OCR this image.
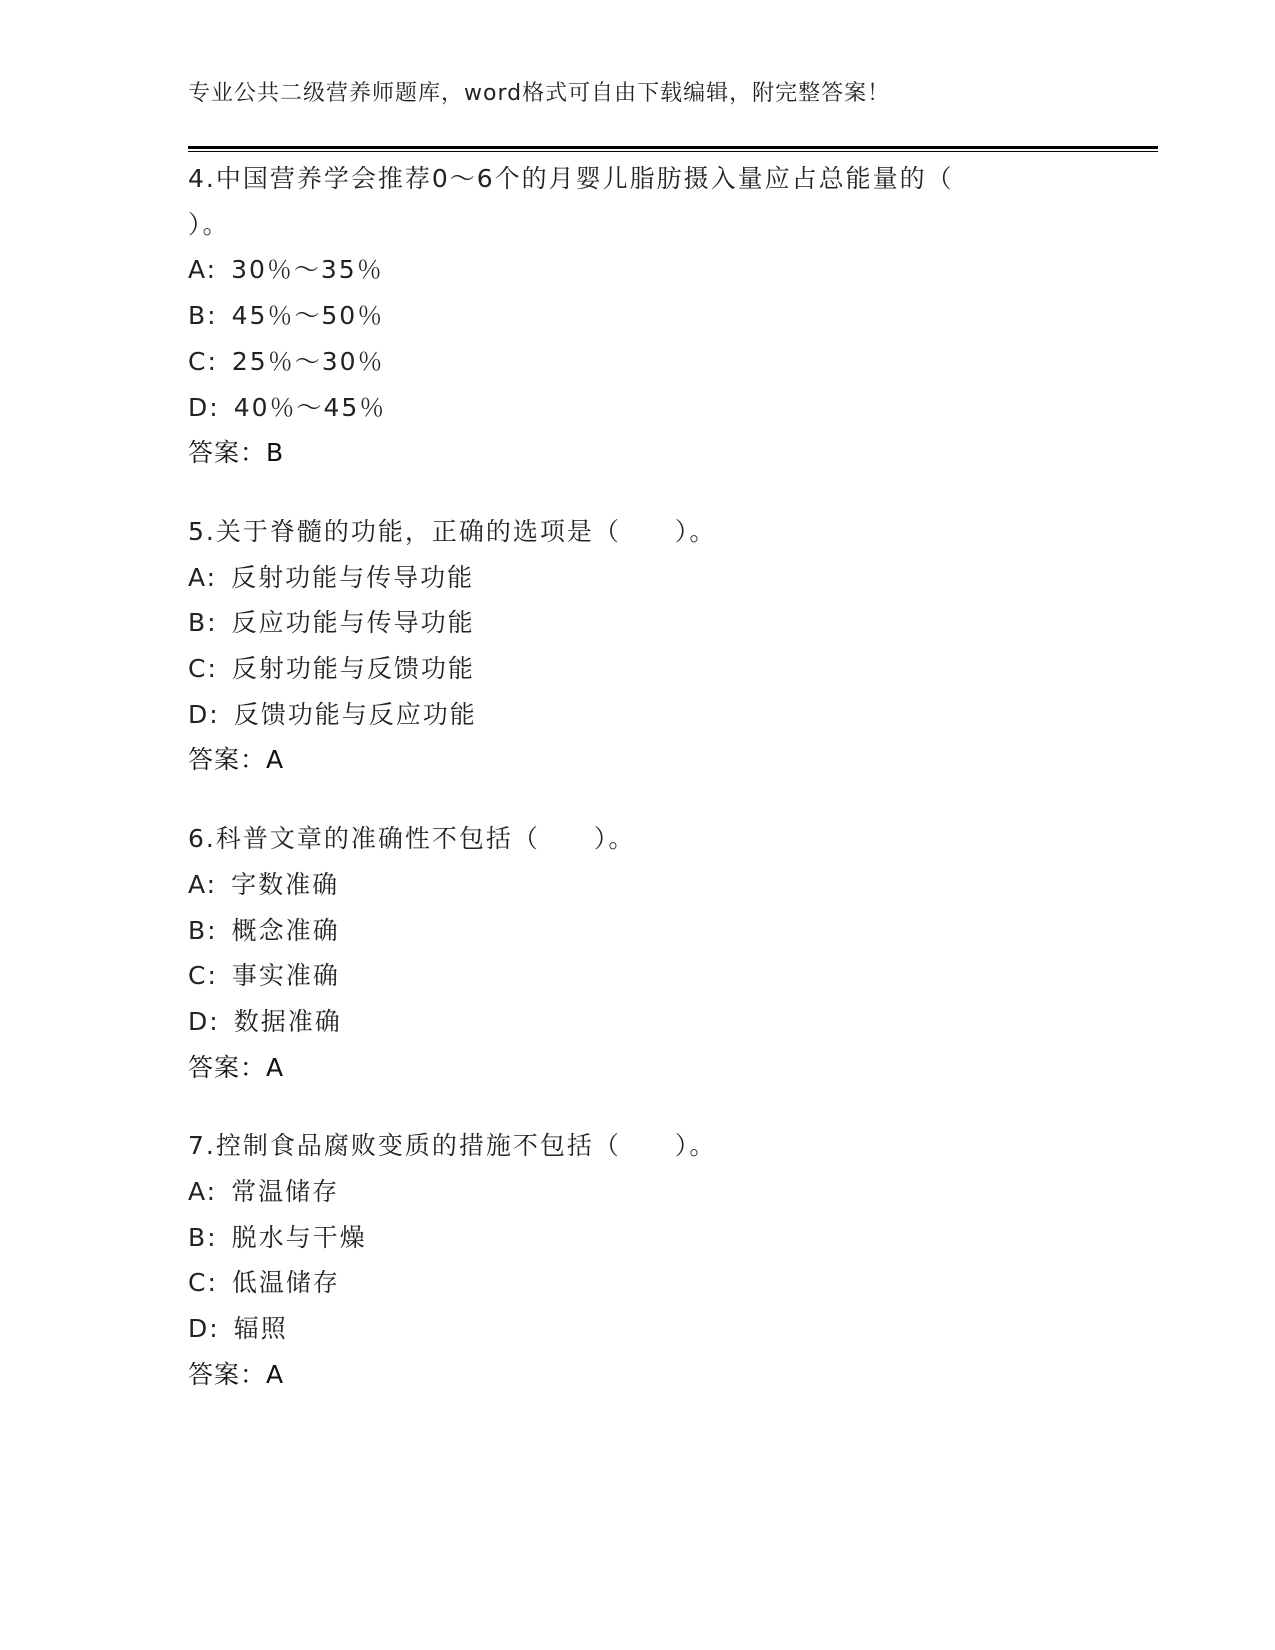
专业公共二级营养师题库，word格式可自由下载编辑，附完整答案！
4.中国营养学会推荐0～6个的月婴儿脂肪摄入量应占总能量的（
）。
A: 30％～35％
B: 45％～50％
C: 25％～30％
D: 40％～45％
答案：B
5.关于脊髓的功能，正确的选项是（　　）。
A: 反射功能与传导功能
B: 反应功能与传导功能
C: 反射功能与反馈功能
D: 反馈功能与反应功能
答案：A
6.科普文章的准确性不包括（　　）。
A: 字数准确
B: 概念准确
C: 事实准确
D: 数据准确
答案：A
7.控制食品腐败变质的措施不包括（　　）。
A: 常温储存
B: 脱水与干燥
C: 低温储存
D: 辐照
答案：A
